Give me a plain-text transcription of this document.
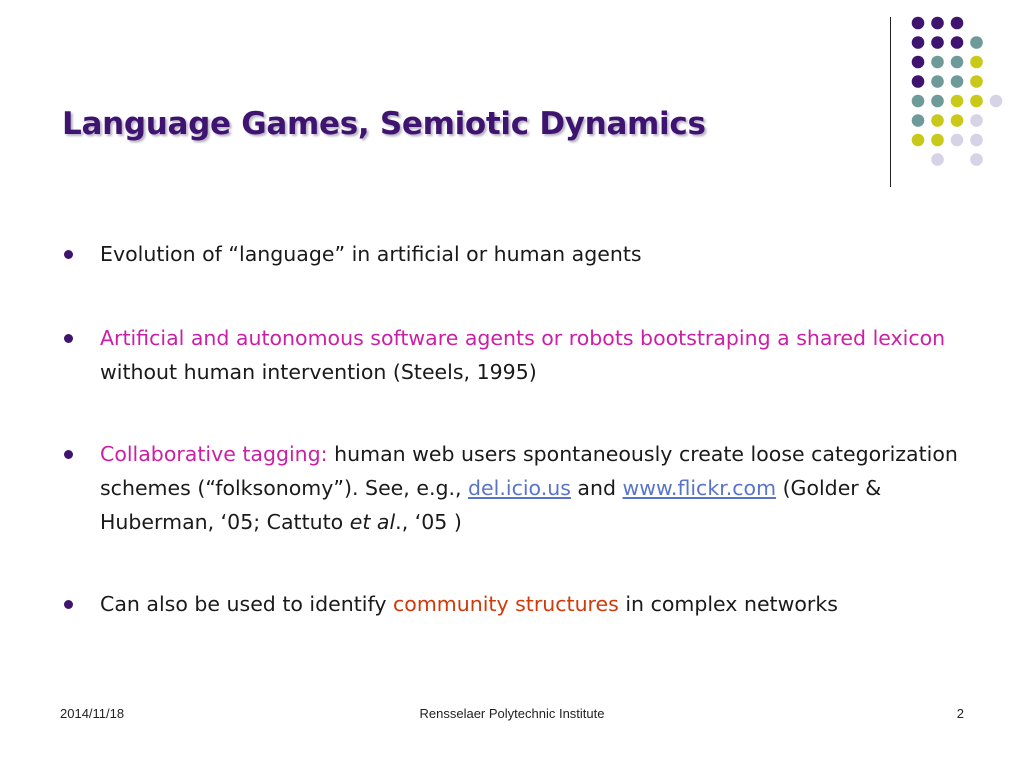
Language Games, Semiotic Dynamics
Evolution of “language” in artificial or human agents
Artificial and autonomous software agents or robots bootstraping a shared lexicon without human intervention (Steels, 1995)
Collaborative tagging: human web users spontaneously create loose categorization schemes (“folksonomy”). See, e.g., del.icio.us and www.flickr.com (Golder & Huberman, ‘05; Cattuto et al., ‘05 )
Can also be used to identify community structures in complex networks
2014/11/18	Rensselaer Polytechnic Institute	2
